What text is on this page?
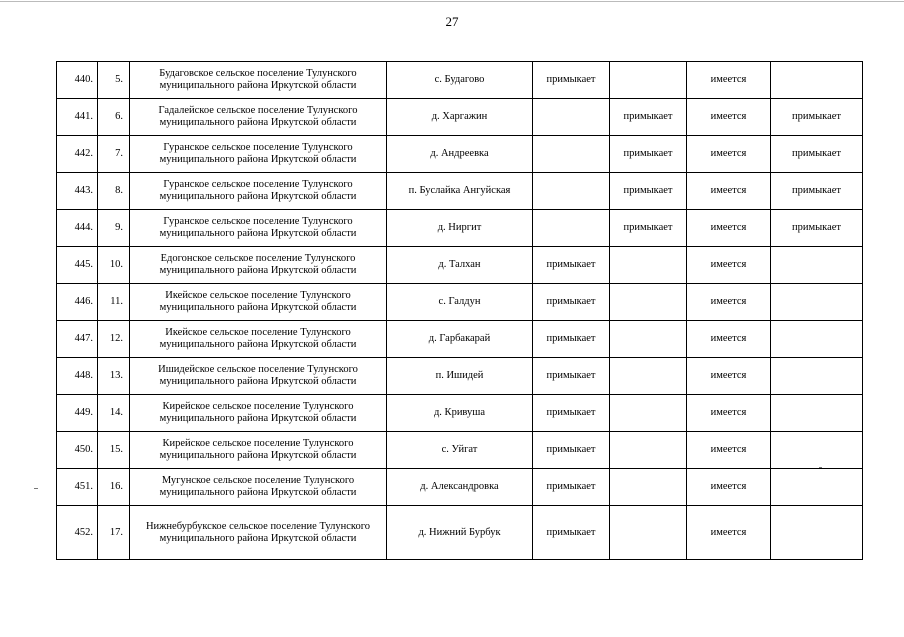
27
440.	5.	Будаговское сельское поселение Тулунского муниципального района Иркутской области	с. Будагово	примыкает		имеется	
441.	6.	Гадалейское сельское поселение Тулунского муниципального района Иркутской области	д. Харгажин		примыкает	имеется	примыкает
442.	7.	Гуранское сельское поселение Тулунского муниципального района Иркутской области	д. Андреевка		примыкает	имеется	примыкает
443.	8.	Гуранское сельское поселение Тулунского муниципального района Иркутской области	п. Буслайка Ангуйская		примыкает	имеется	примыкает
444.	9.	Гуранское сельское поселение Тулунского муниципального района Иркутской области	д. Ниргит		примыкает	имеется	примыкает
445.	10.	Едогонское сельское поселение Тулунского муниципального района Иркутской области	д. Талхан	примыкает		имеется	
446.	11.	Икейское сельское поселение Тулунского муниципального района Иркутской области	с. Галдун	примыкает		имеется	
447.	12.	Икейское сельское поселение Тулунского муниципального района Иркутской области	д. Гарбакарай	примыкает		имеется	
448.	13.	Ишидейское сельское поселение Тулунского муниципального района Иркутской области	п. Ишидей	примыкает		имеется	
449.	14.	Кирейское сельское поселение Тулунского муниципального района Иркутской области	д. Кривуша	примыкает		имеется	
450.	15.	Кирейское сельское поселение Тулунского муниципального района Иркутской области	с. Уйгат	примыкает		имеется	
451.	16.	Мугунское сельское поселение Тулунского муниципального района Иркутской области	д. Александровка	примыкает		имеется	
452.	17.	Нижнебурбукское сельское поселение Тулунского муниципального района Иркутской области	д. Нижний Бурбук	примыкает		имеется	
